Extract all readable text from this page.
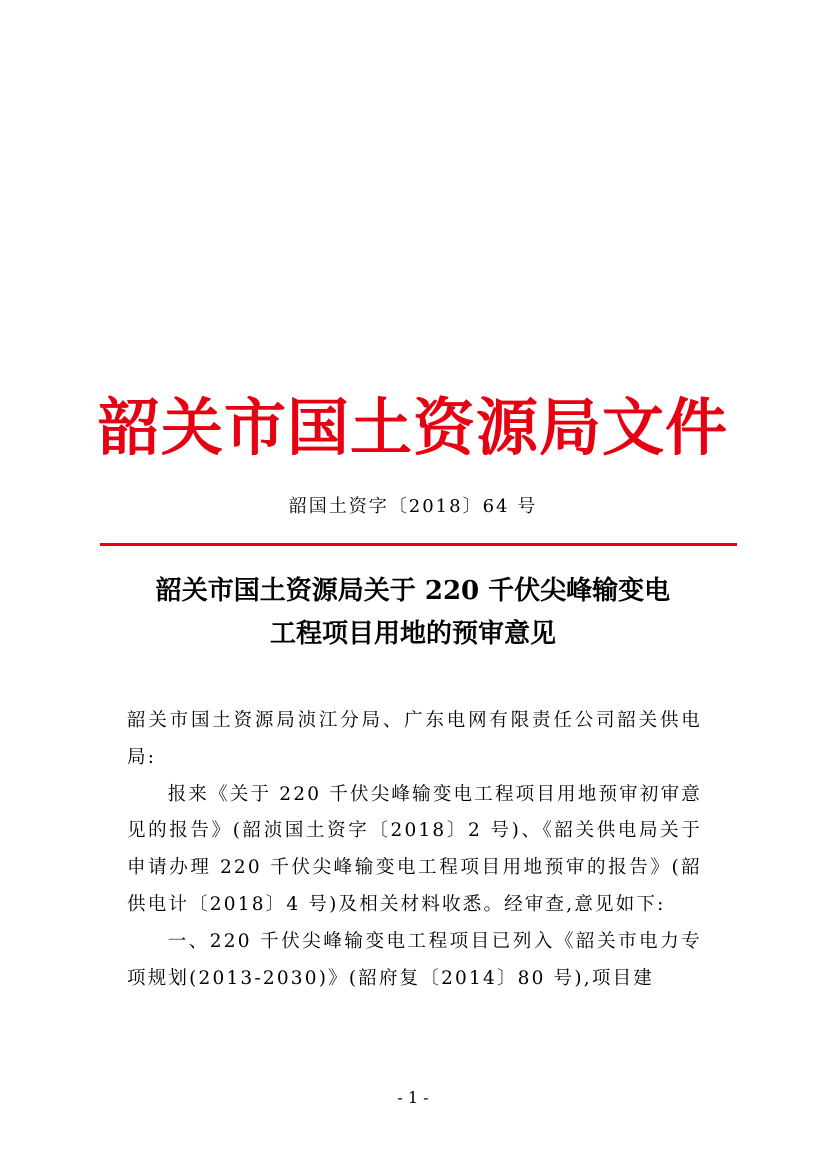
韶关市国土资源局文件
韶国土资字〔2018〕64 号
韶关市国土资源局关于 220 千伏尖峰输变电
工程项目用地的预审意见

韶关市国土资源局浈江分局、广东电网有限责任公司韶关供电局:

报来《关于 220 千伏尖峰输变电工程项目用地预审初审意见的报告》(韶浈国土资字〔2018〕2 号)、《韶关供电局关于申请办理 220 千伏尖峰输变电工程项目用地预审的报告》(韶供电计〔2018〕4 号)及相关材料收悉。经审查,意见如下:

一、220 千伏尖峰输变电工程项目已列入《韶关市电力专项规划(2013-2030)》(韶府复〔2014〕80 号),项目建

- 1 -
